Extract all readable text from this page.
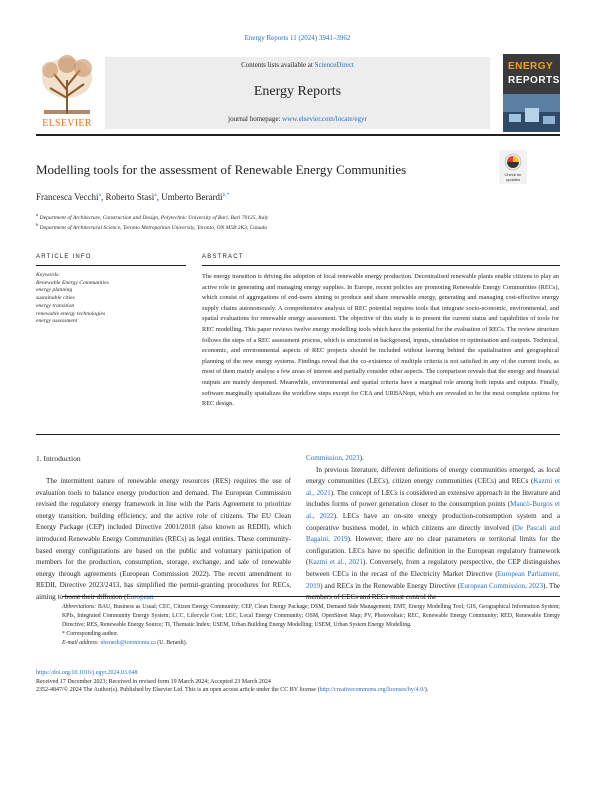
Energy Reports 11 (2024) 3941–3962
ELSEVIER
Contents lists available at ScienceDirect
Energy Reports
journal homepage: www.elsevier.com/locate/egyr
ENERGY
REPORTS
Modelling tools for the assessment of Renewable Energy Communities	Check for
updates
Francesca Vecchi$^a$, Roberto Stasi$^a$, Umberto Berardi$^{b,*}$
$^a$ Department of Architecture, Construction and Design, Polytechnic University of Bari, Bari 70125, Italy
$^b$ Department of Architectural Science, Toronto Metropolitan University, Toronto, ON M5B 2K3, Canada
ARTICLE INFO	ABSTRACT
Keywords:
Renewable Energy Communities
energy planning
sustainable cities
energy transition
renewable energy technologies
energy assessment
The energy transition is driving the adoption of local renewable energy production. Decentralised renewable plants enable citizens to play an active role in generating and managing energy supplies. In Europe, recent policies are promoting Renewable Energy Communities (RECs), which consist of aggregations of end-users aiming to produce and share renewable energy, generating and managing cost-effective energy supply chains autonomously. A comprehensive analysis of REC potential requires tools that integrate socio-economic, environmental, and spatial evaluations for renewable energy assessment. The objective of this study is to present the current status and capabilities of tools for REC modelling. This paper reviews twelve energy modelling tools which have the potential for the evaluation of RECs. The review structure follows the steps of a REC assessment process, which is structured in background, inputs, simulation or optimisation and outputs. Technical, economic, and environmental aspects of REC projects should be included without leaving behind the spatialisation and geographical planning of the new energy systems. Findings reveal that the co-existence of multiple criteria is not satisfied in any of the current tools, as most of them mainly analyse a few areas of interest and partially consider other aspects. The comparison reveals that the energy and financial outputs are mainly deepened. Meanwhile, environmental and spatial criteria have a marginal role among both inputs and outputs. Finally, software marginally spatializes the workflow steps except for CEA and URBANopt, which are revealed to be the most complete options for REC design.
1. Introduction

The intermittent nature of renewable energy resources (RES) requires the use of evaluation tools to balance energy production and demand. The European Commission revised the regulatory energy framework in line with the Paris Agreement to prioritize energy transition, building efficiency, and the active role of citizens. The EU Clean Energy Package (CEP) included Directive 2001/2018 (also known as REDII), which introduced Renewable Energy Communities (RECs) as legal entities. These community-based energy configurations are based on the public and voluntary participation of members for the production, consumption, storage, exchange, and sale of renewable energy through agreements (European Commission 2022). The recent amendment to REDII, Directive 2023/2413, has simplified the permit-granting procedures for RECs, aiming to boost their diffusion (European

Commission, 2023).

In previous literature, different definitions of energy communities emerged, as local energy communities (LECs), citizen energy communities (CECs) and RECs (Kazmi et al., 2021). The concept of LECs is considered an extensive approach in the literature and includes forms of power generation closer to the consumption points (Mancò-Burgos et al., 2022). LECs have an on-site energy production-consumption system and a cooperative business model, in which citizens are directly involved (De Pascali and Bagaini, 2019). However, there are no clear parameters or territorial limits for the configuration. LECs have no specific definition in the European regulatory framework (Kazmi et al., 2021). Conversely, from a regulatory perspective, the CEP distinguishes between CECs in the recast of the Electricity Market Directive (European Parliament, 2019) and RECs in the Renewable Energy Directive (European Commission, 2023). The members of CECs and RECs must control the

Abbreviations: BAU, Business as Usual; CEC, Citizen Energy Community; CEP, Clean Energy Package; DSM, Demand Side Management; EMT, Energy Modelling Tool; GIS, Geographical Information System; KPIs, Integrated Community Energy System; LCC, Lifecycle Cost; LEC, Local Energy Community; OSM, OpenStreet Map; PV, Photovoltaic; REC, Renewable Energy Community; RED, Renewable Energy Directive; RES, Renewable Energy Source; TI, Thematic Index; USEM, Urban Building Energy Modelling; USEM, Urban System Energy Modelling.

* Corresponding author.

E-mail address: uberardi@torontomu.ca (U. Berardi).

https://doi.org/10.1016/j.egyr.2024.03.048

Received 17 December 2023; Received in revised form 19 March 2024; Accepted 23 March 2024

2352-4847/© 2024 The Author(s). Published by Elsevier Ltd. This is an open access article under the CC BY license (http://creativecommons.org/licenses/by/4.0/).
